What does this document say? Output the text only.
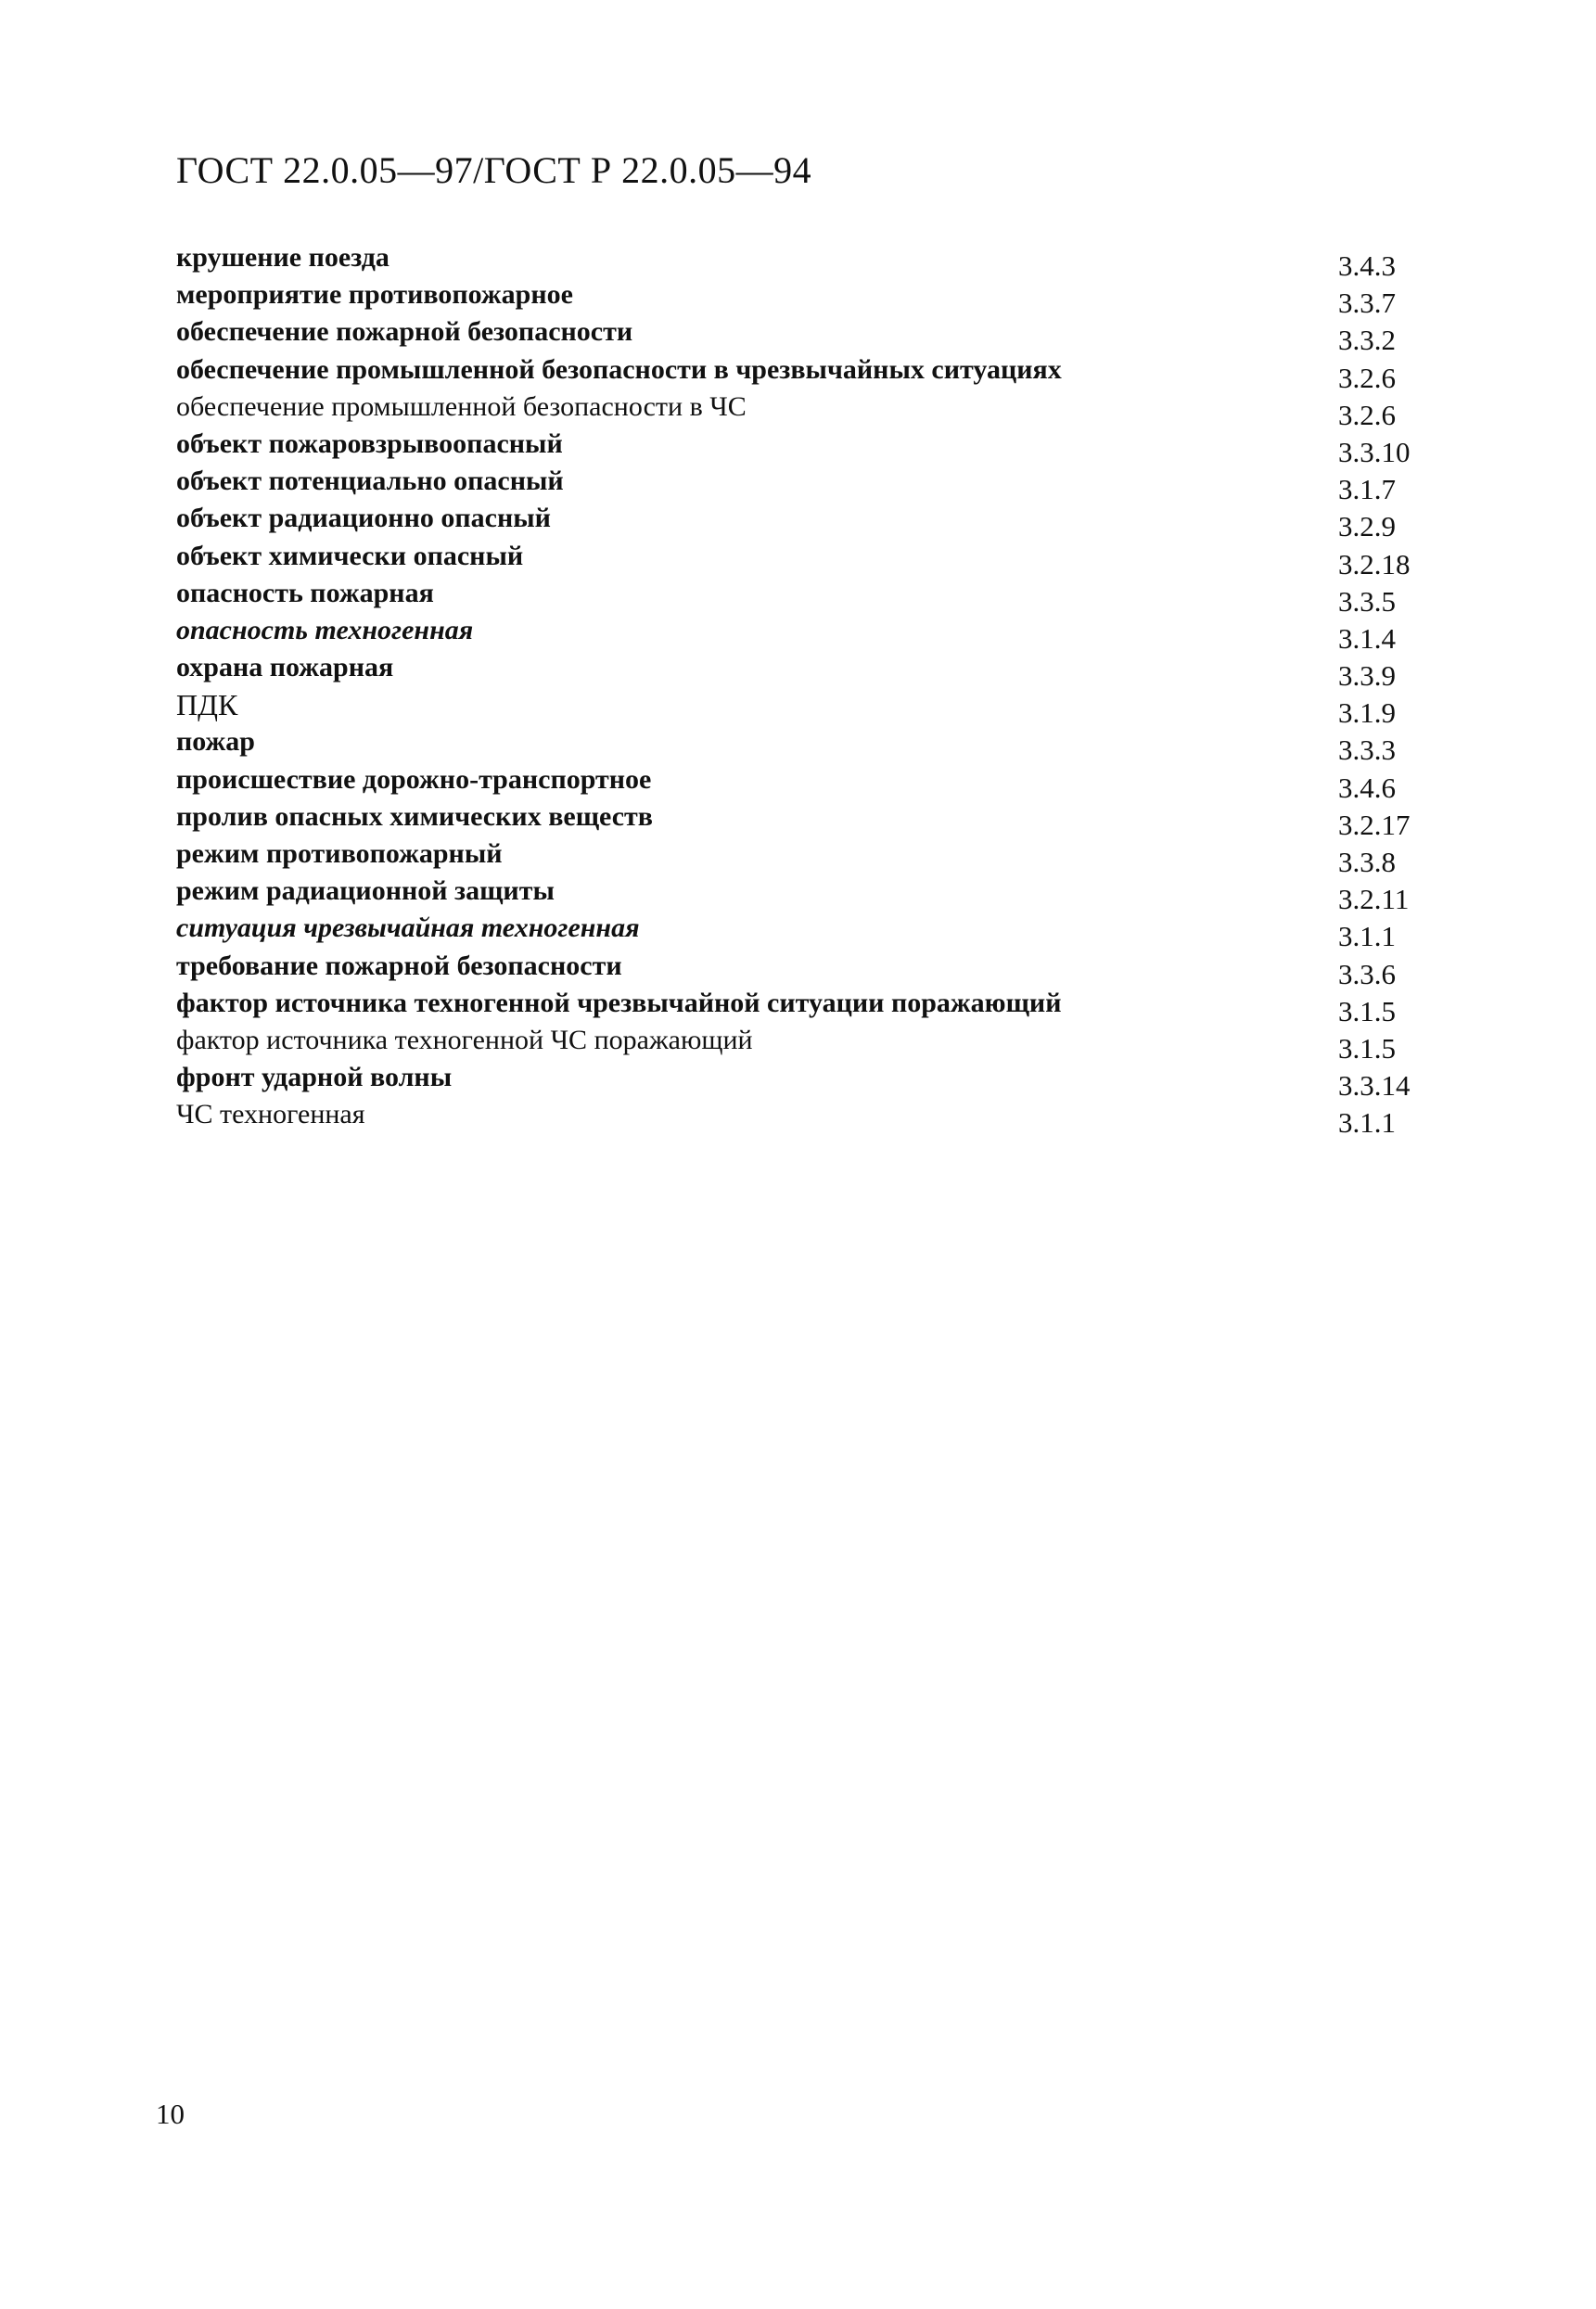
ГОСТ 22.0.05—97/ГОСТ Р 22.0.05—94
крушение поезда	3.4.3
мероприятие противопожарное	3.3.7
обеспечение пожарной безопасности	3.3.2
обеспечение промышленной безопасности в чрезвычайных ситуациях	3.2.6
обеспечение промышленной безопасности в ЧС	3.2.6
объект пожаровзрывоопасный	3.3.10
объект потенциально опасный	3.1.7
объект радиационно опасный	3.2.9
объект химически опасный	3.2.18
опасность пожарная	3.3.5
опасность техногенная	3.1.4
охрана пожарная	3.3.9
ПДК	3.1.9
пожар	3.3.3
происшествие дорожно-транспортное	3.4.6
пролив опасных химических веществ	3.2.17
режим противопожарный	3.3.8
режим радиационной защиты	3.2.11
ситуация чрезвычайная техногенная	3.1.1
требование пожарной безопасности	3.3.6
фактор источника техногенной чрезвычайной ситуации поражающий	3.1.5
фактор источника техногенной ЧС поражающий	3.1.5
фронт ударной волны	3.3.14
ЧС техногенная	3.1.1
10
